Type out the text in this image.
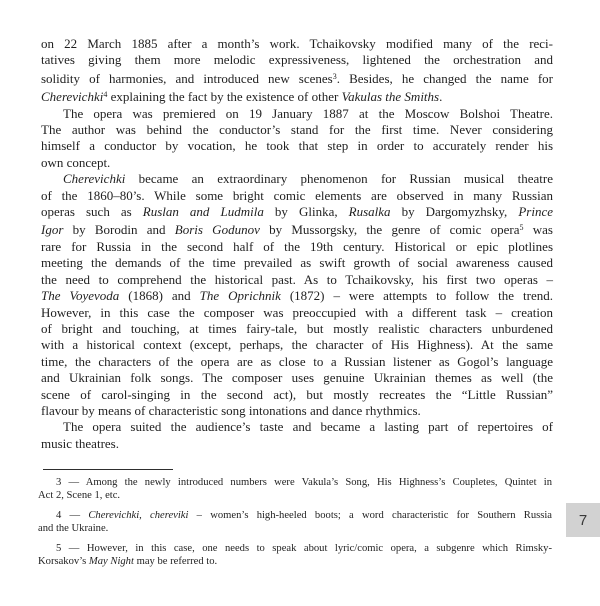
on 22 March 1885 after a month’s work. Tchaikovsky modified many of the reci-
tatives giving them more melodic expressiveness, lightened the orchestration and
solidity of harmonies, and introduced new scenes$^3$. Besides, he changed the name for
Cherevichki$^4$ explaining the fact by the existence of other Vakulas the Smiths.
The opera was premiered on 19 January 1887 at the Moscow Bolshoi Theatre.
The author was behind the conductor’s stand for the first time. Never considering
himself a conductor by vocation, he took that step in order to accurately render his
own concept.
Cherevichki became an extraordinary phenomenon for Russian musical theatre
of the 1860–80’s. While some bright comic elements are observed in many Russian
operas such as Ruslan and Ludmila by Glinka, Rusalka by Dargomyzhsky, Prince
Igor by Borodin and Boris Godunov by Mussorgsky, the genre of comic opera$^5$ was
rare for Russia in the second half of the 19th century. Historical or epic plotlines
meeting the demands of the time prevailed as swift growth of social awareness caused
the need to comprehend the historical past. As to Tchaikovsky, his first two operas –
The Voyevoda (1868) and The Oprichnik (1872) – were attempts to follow the trend.
However, in this case the composer was preoccupied with a different task – creation
of bright and touching, at times fairy-tale, but mostly realistic characters unburdened
with a historical context (except, perhaps, the character of His Highness). At the same
time, the characters of the opera are as close to a Russian listener as Gogol’s language
and Ukrainian folk songs. The composer uses genuine Ukrainian themes as well (the
scene of carol-singing in the second act), but mostly recreates the “Little Russian”
flavour by means of characteristic song intonations and dance rhythmics.
The opera suited the audience’s taste and became a lasting part of repertoires of
music theatres.
3 — Among the newly introduced numbers were Vakula’s Song, His Highness’s Coupletes, Quintet in
Act 2, Scene 1, etc.
4 — Cherevichki, chereviki – women’s high-heeled boots; a word characteristic for Southern Russia
and the Ukraine.
5 — However, in this case, one needs to speak about lyric/comic opera, a subgenre which Rimsky-
Korsakov’s May Night may be referred to.
7
